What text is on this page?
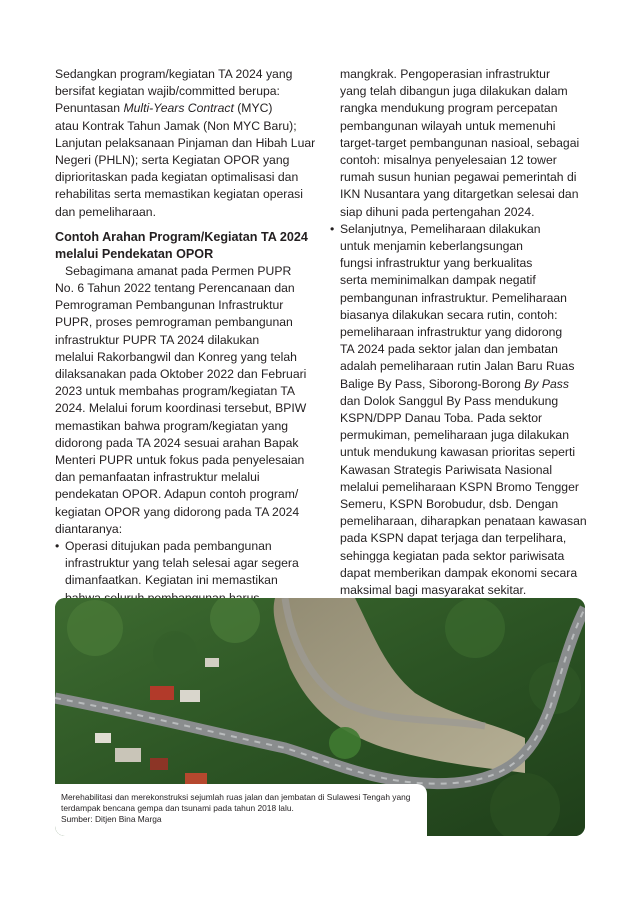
Sedangkan program/kegiatan TA 2024 yang
bersifat kegiatan wajib/committed berupa:
Penuntasan Multi-Years Contract (MYC)
atau Kontrak Tahun Jamak (Non MYC Baru);
Lanjutan pelaksanaan Pinjaman dan Hibah Luar
Negeri (PHLN); serta Kegiatan OPOR yang
diprioritaskan pada kegiatan optimalisasi dan
rehabilitas serta memastikan kegiatan operasi
dan pemeliharaan.

Contoh Arahan Program/Kegiatan TA 2024
melalui Pendekatan OPOR

Sebagimana amanat pada Permen PUPR
No. 6 Tahun 2022 tentang Perencanaan dan
Pemrograman Pembangunan Infrastruktur
PUPR, proses pemrograman pembangunan
infrastruktur PUPR TA 2024 dilakukan
melalui Rakorbangwil dan Konreg yang telah
dilaksanakan pada Oktober 2022 dan Februari
2023 untuk membahas program/kegiatan TA
2024. Melalui forum koordinasi tersebut, BPIW
memastikan bahwa program/kegiatan yang
didorong pada TA 2024 sesuai arahan Bapak
Menteri PUPR untuk fokus pada penyelesaian
dan pemanfaatan infrastruktur melalui
pendekatan OPOR. Adapun contoh program/
kegiatan OPOR yang didorong pada TA 2024
diantaranya:

• Operasi ditujukan pada pembangunan
infrastruktur yang telah selesai agar segera
dimanfaatkan. Kegiatan ini memastikan

mangkrak. Pengoperasian infrastruktur
yang telah dibangun juga dilakukan dalam
rangka mendukung program percepatan
pembangunan wilayah untuk memenuhi
target-target pembangunan nasioal, sebagai
contoh: misalnya penyelesaian 12 tower
rumah susun hunian pegawai pemerintah di
IKN Nusantara yang ditargetkan selesai dan
siap dihuni pada pertengahan 2024.
• Selanjutnya, Pemeliharaan dilakukan
untuk menjamin keberlangsungan
fungsi infrastruktur yang berkualitas
serta meminimalkan dampak negatif
pembangunan infrastruktur. Pemeliharaan
biasanya dilakukan secara rutin, contoh:
pemeliharaan infrastruktur yang didorong
TA 2024 pada sektor jalan dan jembatan
adalah pemeliharaan rutin Jalan Baru Ruas
Balige By Pass, Siborong-Borong By Pass
dan Dolok Sanggul By Pass mendukung
KSPN/DPP Danau Toba. Pada sektor
permukiman, pemeliharaan juga dilakukan
untuk mendukung kawasan prioritas seperti
Kawasan Strategis Pariwisata Nasional
melalui pemeliharaan KSPN Bromo Tengger
Semeru, KSPN Borobudur, dsb. Dengan
pemeliharaan, diharapkan penataan kawasan
pada KSPN dapat terjaga dan terpelihara,
sehingga kegiatan pada sektor pariwisata
dapat memberikan dampak ekonomi secara
maksimal bagi masyarakat sekitar.

Merehabilitasi dan merekonstruksi sejumlah ruas jalan dan jembatan di Sulawesi Tengah yang
terdampak bencana gempa dan tsunami pada tahun 2018 lalu.
Sumber: Ditjen Bina Marga
